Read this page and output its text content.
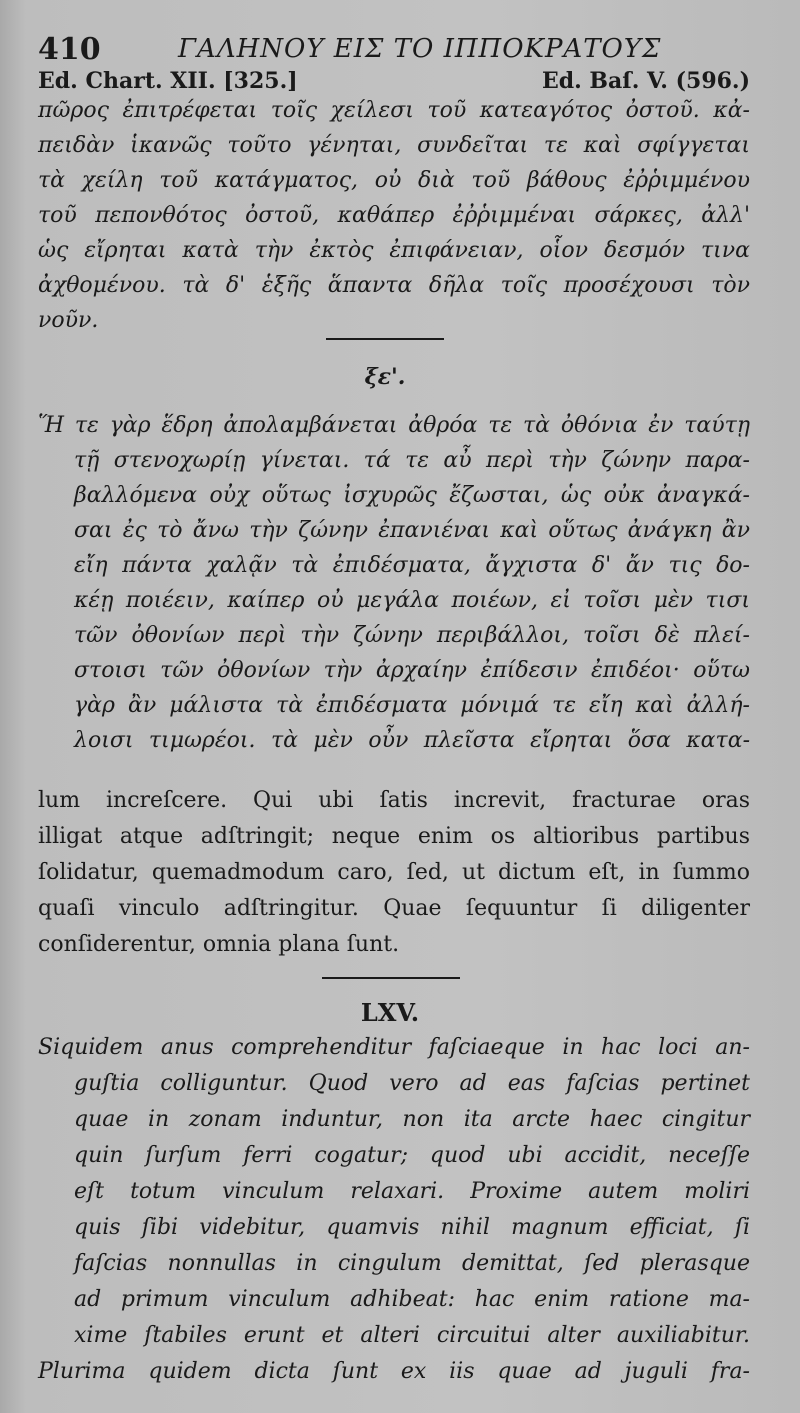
410	ΓΑΛΗΝΟΥ ΕΙΣ ΤΟ ΙΠΠΟΚΡΑΤΟΥΣ
Ed. Chart. XII. [325.]	Ed. Baſ. V. (596.)
πῶρος ἐπιτρέφεται τοῖς χείλεσι τοῦ κατεαγότος ὀστοῦ. κἀ-
πειδὰν ἱκανῶς τοῦτο γένηται, συνδεῖται τε καὶ σφίγγεται
τὰ χείλη τοῦ κατάγματος, οὐ διὰ τοῦ βάθους ἐῤῥιμμένου
τοῦ πεπονθότος ὀστοῦ, καθάπερ ἐῤῥιμμέναι σάρκες, ἀλλ'
ὡς εἴρηται κατὰ τὴν ἐκτὸς ἐπιφάνειαν, οἷον δεσμόν τινα
ἀχθομένου. τὰ δ' ἑξῆς ἅπαντα δῆλα τοῖς προσέχουσι τὸν
νοῦν.
ξε'.
Ἥ τε γὰρ ἕδρη ἀπολαμβάνεται ἀθρόα τε τὰ ὀθόνια ἐν ταύτῃ
τῇ στενοχωρίῃ γίνεται. τά τε αὖ περὶ τὴν ζώνην παρα-
βαλλόμενα οὐχ οὕτως ἰσχυρῶς ἔζωσται, ὡς οὐκ ἀναγκά-
σαι ἐς τὸ ἄνω τὴν ζώνην ἐπανιέναι καὶ οὕτως ἀνάγκη ἂν
εἴη πάντα χαλᾷν τὰ ἐπιδέσματα, ἄγχιστα δ' ἄν τις δο-
κέῃ ποιέειν, καίπερ οὐ μεγάλα ποιέων, εἰ τοῖσι μὲν τισι
τῶν ὀθονίων περὶ τὴν ζώνην περιβάλλοι, τοῖσι δὲ πλεί-
στοισι τῶν ὀθονίων τὴν ἀρχαίην ἐπίδεσιν ἐπιδέοι· οὕτω
γὰρ ἂν μάλιστα τὰ ἐπιδέσματα μόνιμά τε εἴη καὶ ἀλλή-
λοισι τιμωρέοι. τὰ μὲν οὖν πλεῖστα εἴρηται ὅσα κατα-
lum increſcere. Qui ubi ſatis increvit, fracturae oras
illigat atque adſtringit; neque enim os altioribus partibus
ſolidatur, quemadmodum caro, ſed, ut dictum eſt, in ſummo
quaſi vinculo adſtringitur. Quae ſequuntur ſi diligenter
conſiderentur, omnia plana ſunt.
LXV.
Siquidem anus comprehenditur faſciaeque in hac loci an-
guſtia colliguntur. Quod vero ad eas faſcias pertinet
quae in zonam induntur, non ita arcte haec cingitur
quin ſurſum ferri cogatur; quod ubi accidit, neceſſe
eſt totum vinculum relaxari. Proxime autem moliri
quis ſibi videbitur, quamvis nihil magnum efficiat, ſi
faſcias nonnullas in cingulum demittat, ſed plerasque
ad primum vinculum adhibeat: hac enim ratione ma-
xime ſtabiles erunt et alteri circuitui alter auxiliabitur.
Plurima quidem dicta ſunt ex iis quae ad juguli fra-
